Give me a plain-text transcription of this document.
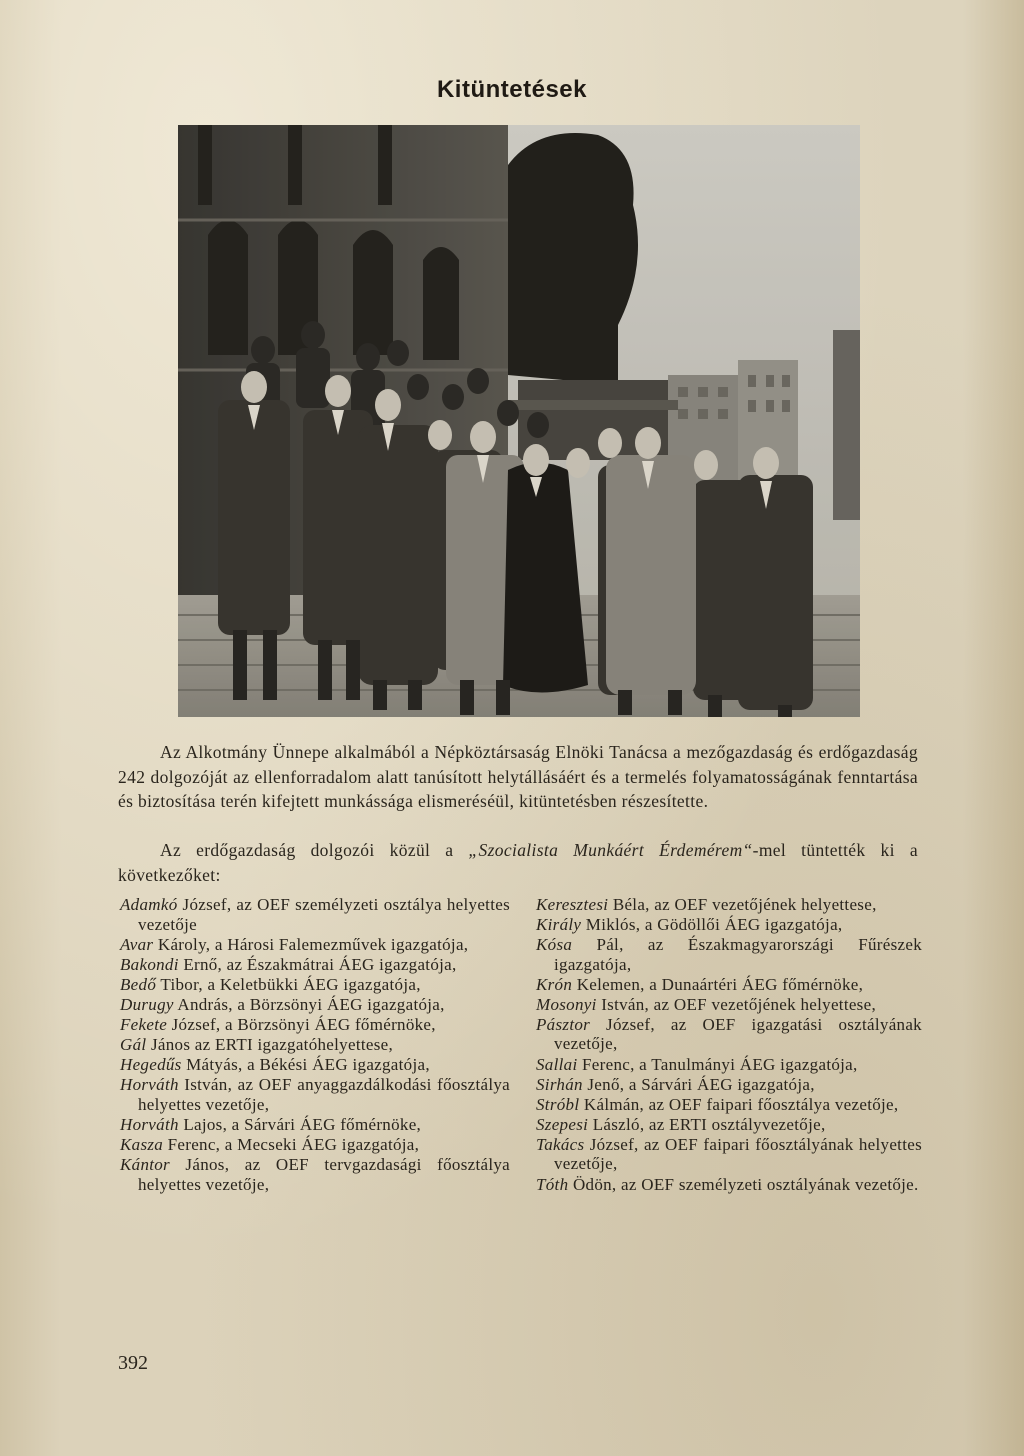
Kitüntetések

Az Alkotmány Ünnepe alkalmából a Népköztársaság Elnöki Tanácsa a mezőgazdaság és erdőgazdaság 242 dolgozóját az ellenforradalom alatt tanúsított helytállásáért és a termelés folyamatosságának fenntartása és biztosítása terén kifejtett munkássága elismeréséül, kitüntetésben részesítette.

Az erdőgazdaság dolgozói közül a „Szocialista Munkáért Érdemérem“-mel tüntették ki a következőket:

Adamkó József, az OEF személyzeti osztálya helyettes vezetője

Avar Károly, a Hárosi Falemezművek igazgatója,

Bakondi Ernő, az Északmátrai ÁEG igazgatója,

Bedő Tibor, a Keletbükki ÁEG igazgatója,

Durugy András, a Börzsönyi ÁEG igazgatója,

Fekete József, a Börzsönyi ÁEG főmérnöke,

Gál János az ERTI igazgatóhelyettese,

Hegedűs Mátyás, a Békési ÁEG igazgatója,

Horváth István, az OEF anyaggazdálkodási főosztálya helyettes vezetője,

Horváth Lajos, a Sárvári ÁEG főmérnöke,

Kasza Ferenc, a Mecseki ÁEG igazgatója,

Kántor János, az OEF tervgazdasági főosztálya helyettes vezetője,

Keresztesi Béla, az OEF vezetőjének helyettese,

Király Miklós, a Gödöllői ÁEG igazgatója,

Kósa Pál, az Északmagyarországi Fűrészek igazgatója,

Krón Kelemen, a Dunaártéri ÁEG főmérnöke,

Mosonyi István, az OEF vezetőjének helyettese,

Pásztor József, az OEF igazgatási osztályának vezetője,

Sallai Ferenc, a Tanulmányi ÁEG igazgatója,

Sirhán Jenő, a Sárvári ÁEG igazgatója,

Stróbl Kálmán, az OEF faipari főosztálya vezetője,

Szepesi László, az ERTI osztályvezetője,

Takács József, az OEF faipari főosztályának helyettes vezetője,

Tóth Ödön, az OEF személyzeti osztályának vezetője.

392
